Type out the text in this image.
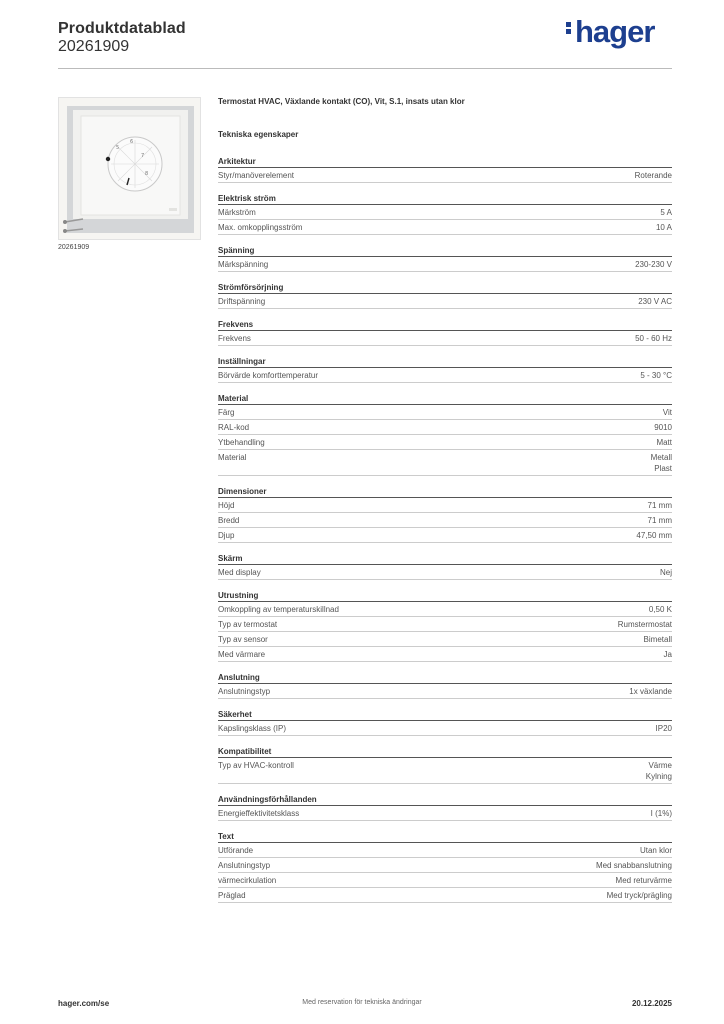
Produktdatablad
20261909	hager
5
6
7
8
20261909
Termostat HVAC, Växlande kontakt (CO), Vit, S.1, insats utan klor
Tekniska egenskaper
Arkitektur
Styr/manöverelement	Roterande
Elektrisk ström
Märkström	5 A
Max. omkopplingsström	10 A
Spänning
Märkspänning	230-230 V
Strömförsörjning
Driftspänning	230 V AC
Frekvens
Frekvens	50 - 60 Hz
Inställningar
Börvärde komforttemperatur	5 - 30 °C
Material
Färg	Vit
RAL-kod	9010
Ytbehandling	Matt
Material	Metall
Plast
Dimensioner
Höjd	71 mm
Bredd	71 mm
Djup	47,50 mm
Skärm
Med display	Nej
Utrustning
Omkoppling av temperaturskillnad	0,50 K
Typ av termostat	Rumstermostat
Typ av sensor	Bimetall
Med värmare	Ja
Anslutning
Anslutningstyp	1x växlande
Säkerhet
Kapslingsklass (IP)	IP20
Kompatibilitet
Typ av HVAC-kontroll	Värme
Kylning
Användningsförhållanden
Energieffektivitetsklass	I (1%)
Text
Utförande	Utan klor
Anslutningstyp	Med snabbanslutning
värmecirkulation	Med returvärme
Präglad	Med tryck/prägling
hager.com/se	Med reservation för tekniska ändringar	20.12.2025
